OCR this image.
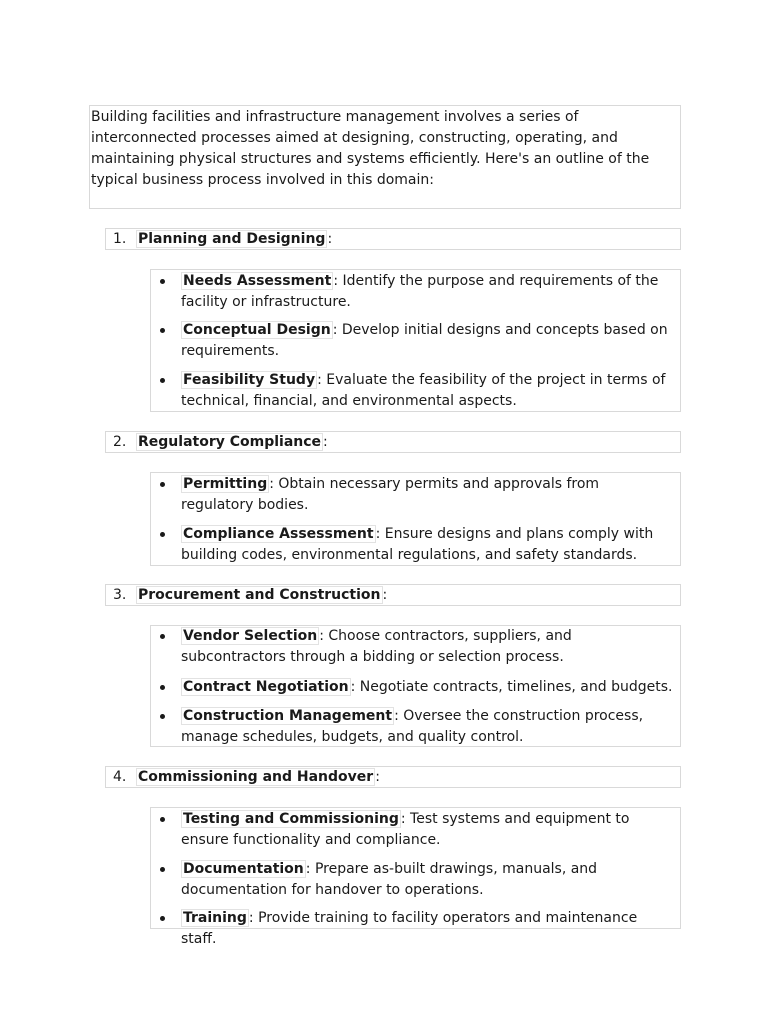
Building facilities and infrastructure management involves a series of interconnected processes aimed at designing, constructing, operating, and maintaining physical structures and systems efficiently. Here's an outline of the typical business process involved in this domain:
1. Planning and Designing :
Needs Assessment : Identify the purpose and requirements of the facility or infrastructure.
Conceptual Design : Develop initial designs and concepts based on requirements.
Feasibility Study : Evaluate the feasibility of the project in terms of technical, financial, and environmental aspects.
2. Regulatory Compliance :
Permitting : Obtain necessary permits and approvals from regulatory bodies.
Compliance Assessment : Ensure designs and plans comply with building codes, environmental regulations, and safety standards.
3. Procurement and Construction :
Vendor Selection : Choose contractors, suppliers, and subcontractors through a bidding or selection process.
Contract Negotiation : Negotiate contracts, timelines, and budgets.
Construction Management : Oversee the construction process, manage schedules, budgets, and quality control.
4. Commissioning and Handover :
Testing and Commissioning : Test systems and equipment to ensure functionality and compliance.
Documentation : Prepare as-built drawings, manuals, and documentation for handover to operations.
Training : Provide training to facility operators and maintenance staff.
